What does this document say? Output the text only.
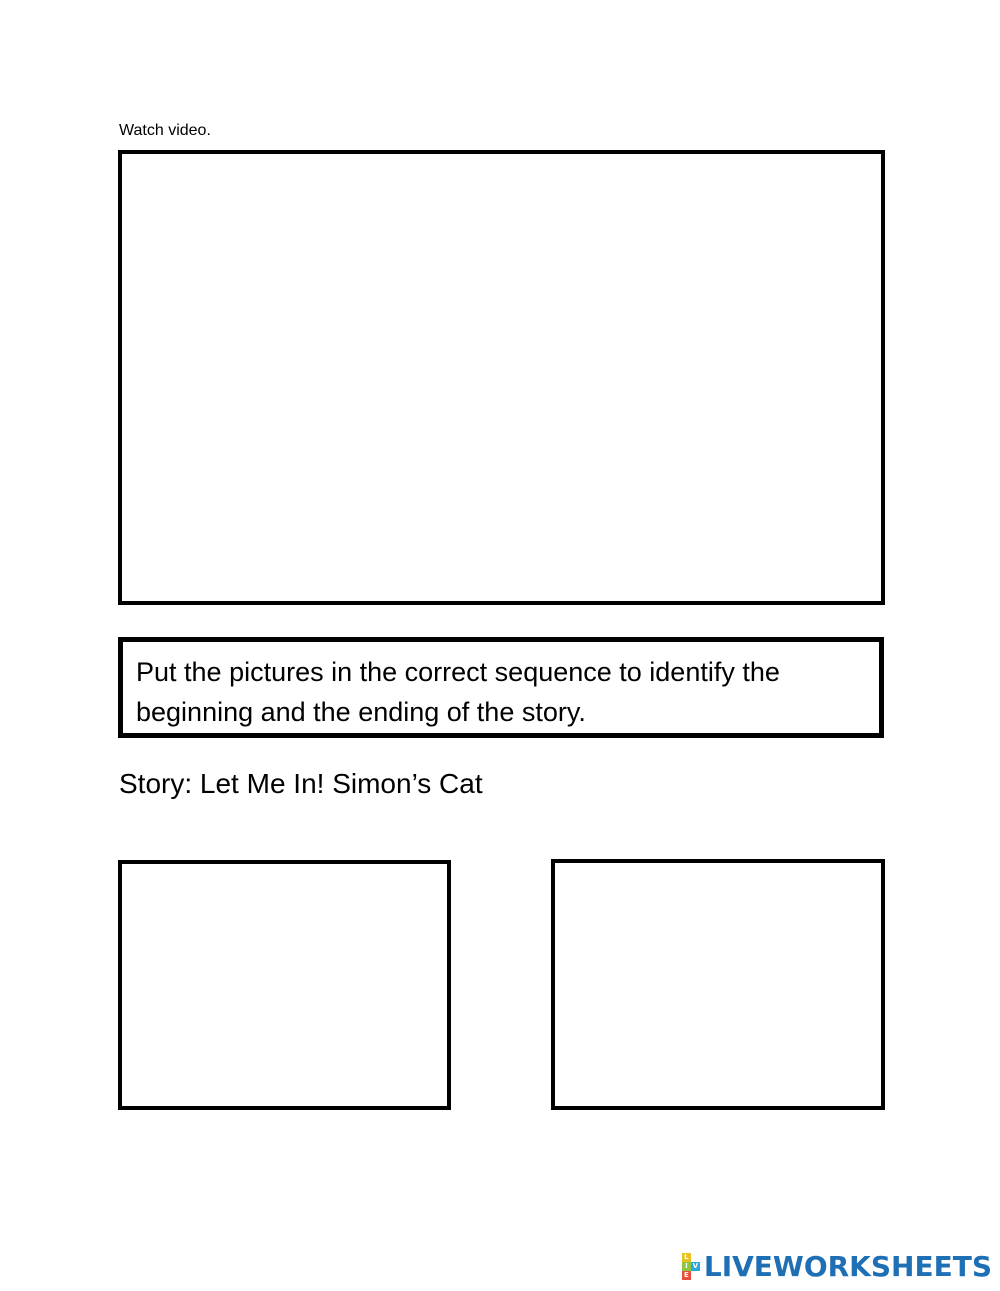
Watch video.
Put the pictures in the correct sequence to identify the beginning and the ending of the story.
Story: Let Me In! Simon’s Cat
L
I V
E LIVEWORKSHEETS
